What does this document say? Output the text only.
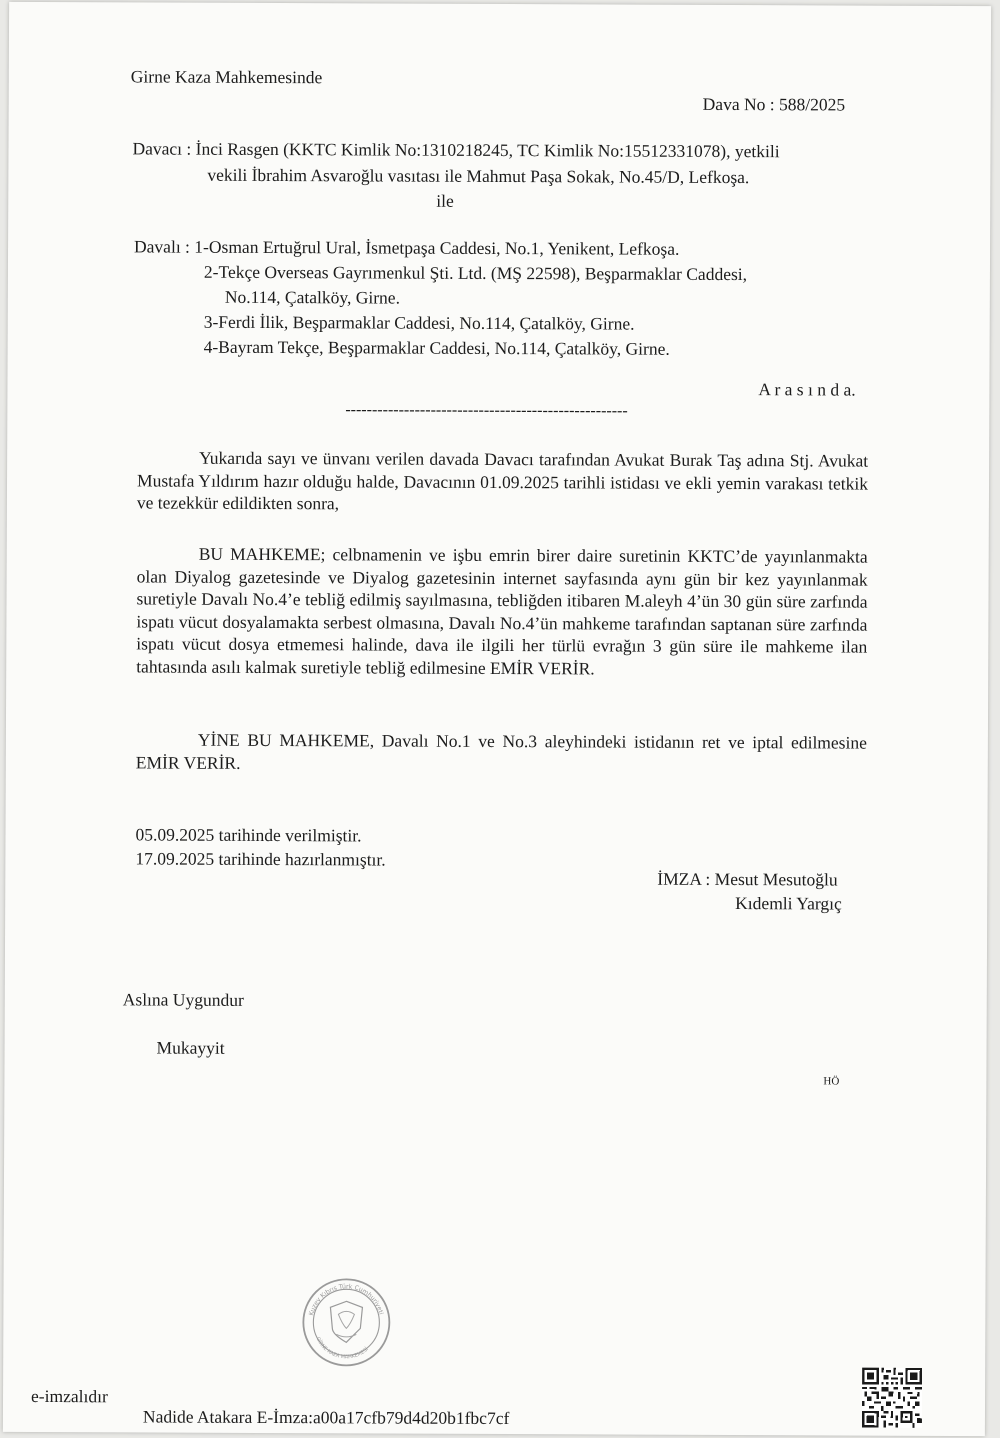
Girne Kaza Mahkemesinde
Dava No : 588/2025
Davacı : İnci Rasgen (KKTC Kimlik No:1310218245, TC Kimlik No:15512331078), yetkili
vekili İbrahim Asvaroğlu vasıtası ile Mahmut Paşa Sokak, No.45/D, Lefkoşa.
ile
Davalı : 1-Osman Ertuğrul Ural, İsmetpaşa Caddesi, No.1, Yenikent, Lefkoşa.
2-Tekçe Overseas Gayrımenkul Şti. Ltd. (MŞ 22598), Beşparmaklar Caddesi,
No.114, Çatalköy, Girne.
3-Ferdi İlik, Beşparmaklar Caddesi, No.114, Çatalköy, Girne.
4-Bayram Tekçe, Beşparmaklar Caddesi, No.114, Çatalköy, Girne.
A r a s ı n d a.
-----------------------------------------------------
Yukarıda sayı ve ünvanı verilen davada Davacı tarafından Avukat Burak Taş adına Stj. Avukat Mustafa Yıldırım hazır olduğu halde, Davacının 01.09.2025 tarihli istidası ve ekli yemin varakası tetkik ve tezekkür edildikten sonra,
BU MAHKEME; celbnamenin ve işbu emrin birer daire suretinin KKTC’de yayınlanmakta olan Diyalog gazetesinde ve Diyalog gazetesinin internet sayfasında aynı gün bir kez yayınlanmak suretiyle Davalı No.4’e tebliğ edilmiş sayılmasına, tebliğden itibaren M.aleyh 4’ün 30 gün süre zarfında ispatı vücut dosyalamakta serbest olmasına, Davalı No.4’ün mahkeme tarafından saptanan süre zarfında ispatı vücut dosya etmemesi halinde, dava ile ilgili her türlü evrağın 3 gün süre ile mahkeme ilan tahtasında asılı kalmak suretiyle tebliğ edilmesine EMİR VERİR.
YİNE BU MAHKEME, Davalı No.1 ve No.3 aleyhindeki istidanın ret ve iptal edilmesine EMİR VERİR.
05.09.2025 tarihinde verilmiştir.
17.09.2025 tarihinde hazırlanmıştır.
İMZA : Mesut Mesutoğlu
Kıdemli Yargıç
Aslına Uygundur
Mukayyit
HÖ
Kuzey Kıbrıs Türk Cumhuriyeti
GİRNE KAZA MAHKEMESİ
e-imzalıdır
Nadide Atakara E-İmza:a00a17cfb79d4d20b1fbc7cf
